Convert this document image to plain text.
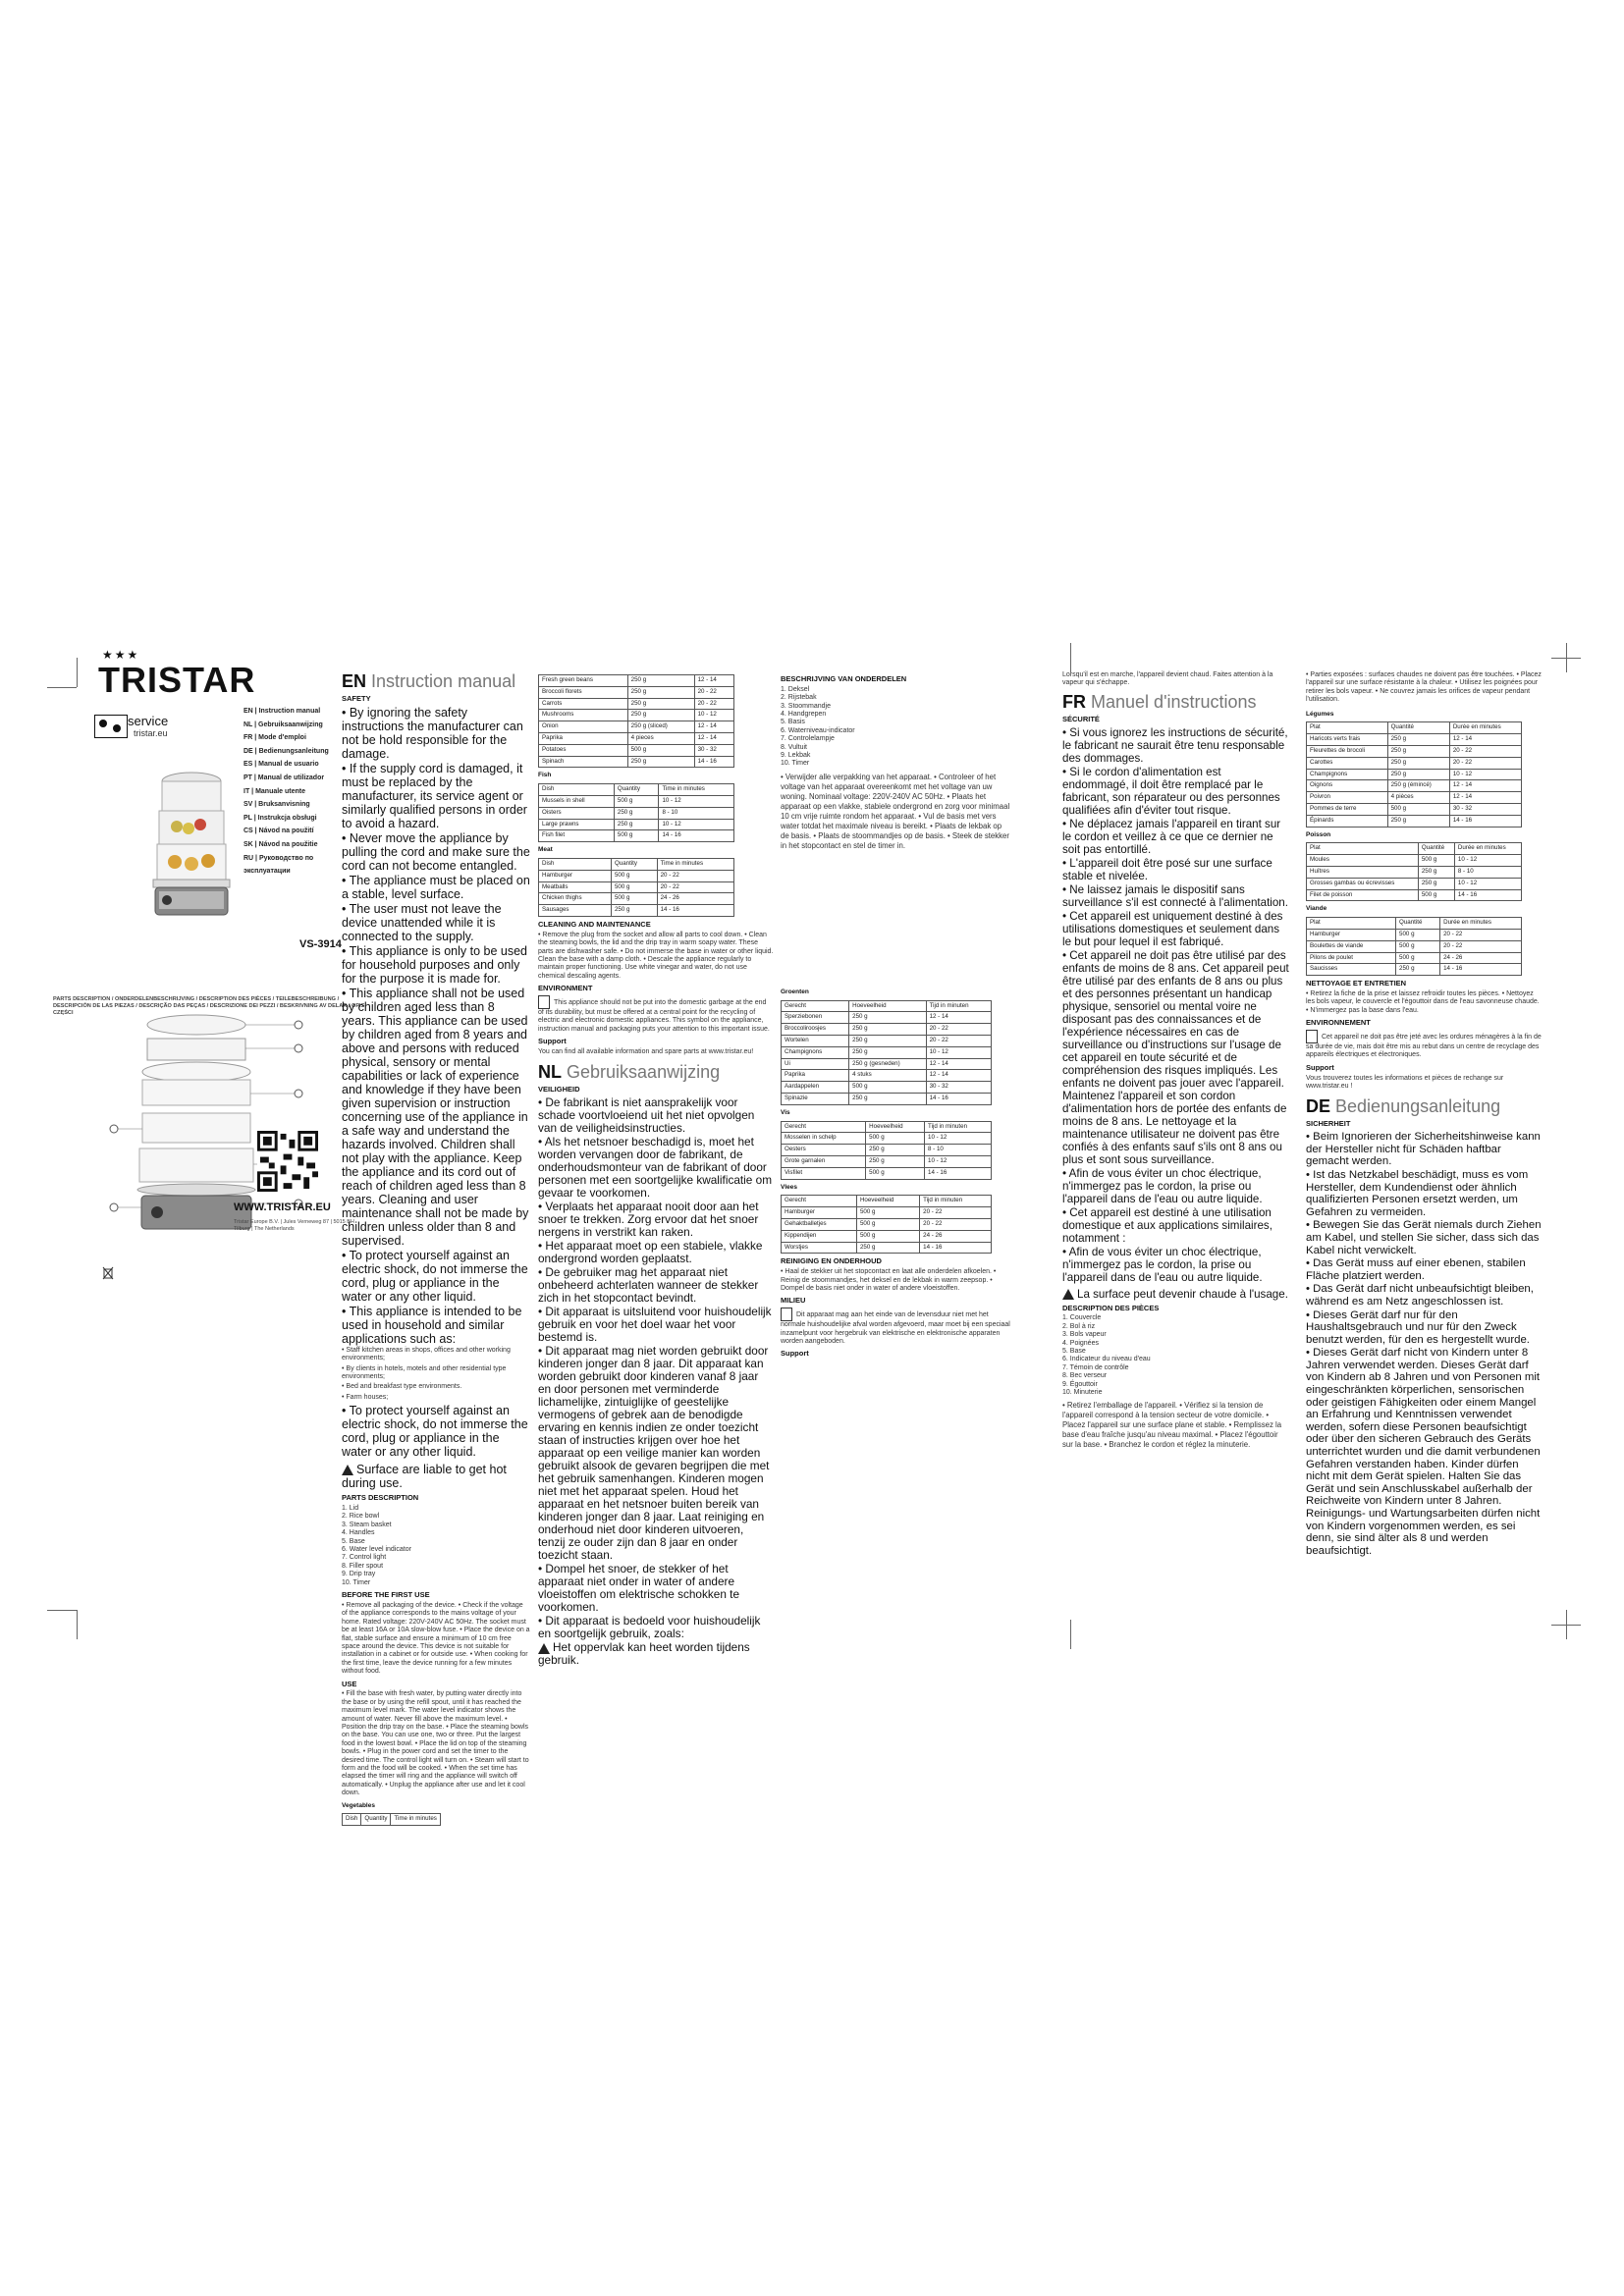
★★★
TRISTAR
service
tristar.eu
EN | Instruction manual
NL | Gebruiksaanwijzing
FR | Mode d'emploi
DE | Bedienungsanleitung
ES | Manual de usuario
PT | Manual de utilizador
IT | Manuale utente
SV | Bruksanvisning
PL | Instrukcja obsługi
CS | Návod na použití
SK | Návod na použitie
RU | Руководство по эксплуатации
VS-3914
PARTS DESCRIPTION / ONDERDELENBESCHRIJVING / DESCRIPTION DES PIÈCES / TEILEBESCHREIBUNG / DESCRIPCIÓN DE LAS PIEZAS / DESCRIÇÃO DAS PEÇAS / DESCRIZIONE DEI PEZZI / BESKRIVNING AV DELAR / OPIS CZĘŚCI
WWW.TRISTAR.EU
Tristar Europe B.V. | Jules Verneweg 87 | 5015 BH Tilburg | The Netherlands
EN Instruction manual
SAFETY

• By ignoring the safety instructions the manufacturer can not be hold responsible for the damage.

• If the supply cord is damaged, it must be replaced by the manufacturer, its service agent or similarly qualified persons in order to avoid a hazard.

• Never move the appliance by pulling the cord and make sure the cord can not become entangled.

• The appliance must be placed on a stable, level surface.

• The user must not leave the device unattended while it is connected to the supply.

• This appliance is only to be used for household purposes and only for the purpose it is made for.

• This appliance shall not be used by children aged less than 8 years. This appliance can be used by children aged from 8 years and above and persons with reduced physical, sensory or mental capabilities or lack of experience and knowledge if they have been given supervision or instruction concerning use of the appliance in a safe way and understand the hazards involved. Children shall not play with the appliance. Keep the appliance and its cord out of reach of children aged less than 8 years. Cleaning and user maintenance shall not be made by children unless older than 8 and supervised.

• To protect yourself against an electric shock, do not immerse the cord, plug or appliance in the water or any other liquid.

• This appliance is intended to be used in household and similar applications such as:

• Staff kitchen areas in shops, offices and other working environments;

• By clients in hotels, motels and other residential type environments;

• Bed and breakfast type environments.

• Farm houses;

• To protect yourself against an electric shock, do not immerse the cord, plug or appliance in the water or any other liquid.
Surface are liable to get hot during use.
PARTS DESCRIPTION
1. Lid
2. Rice bowl
3. Steam basket
4. Handles
5. Base
6. Water level indicator
7. Control light
8. Filler spout
9. Drip tray
10. Timer
BEFORE THE FIRST USE
• Remove all packaging of the device. • Check if the voltage of the appliance corresponds to the mains voltage of your home. Rated voltage: 220V-240V AC 50Hz. The socket must be at least 16A or 10A slow-blow fuse. • Place the device on a flat, stable surface and ensure a minimum of 10 cm free space around the device. This device is not suitable for installation in a cabinet or for outside use. • When cooking for the first time, leave the device running for a few minutes without food.
USE
• Fill the base with fresh water, by putting water directly into the base or by using the refill spout, until it has reached the maximum level mark. The water level indicator shows the amount of water. Never fill above the maximum level. • Position the drip tray on the base. • Place the steaming bowls on the base. You can use one, two or three. Put the largest food in the lowest bowl. • Place the lid on top of the steaming bowls. • Plug in the power cord and set the timer to the desired time. The control light will turn on. • Steam will start to form and the food will be cooked. • When the set time has elapsed the timer will ring and the appliance will switch off automatically. • Unplug the appliance after use and let it cool down.
Vegetables
Dish	Quantity	Time in minutes
Fresh green beans	250 g	12 - 14
Broccoli florets	250 g	20 - 22
Carrots	250 g	20 - 22
Mushrooms	250 g	10 - 12
Onion	250 g (sliced)	12 - 14
Paprika	4 pieces	12 - 14
Potatoes	500 g	30 - 32
Spinach	250 g	14 - 16
Fish
Dish	Quantity	Time in minutes
Mussels in shell	500 g	10 - 12
Oisters	250 g	8 - 10
Large prawns	250 g	10 - 12
Fish filet	500 g	14 - 16
Meat
Dish	Quantity	Time in minutes
Hamburger	500 g	20 - 22
Meatballs	500 g	20 - 22
Chicken thighs	500 g	24 - 26
Sausages	250 g	14 - 16
CLEANING AND MAINTENANCE
• Remove the plug from the socket and allow all parts to cool down. • Clean the steaming bowls, the lid and the drip tray in warm soapy water. These parts are dishwasher safe. • Do not immerse the base in water or other liquid. Clean the base with a damp cloth. • Descale the appliance regularly to maintain proper functioning. Use white vinegar and water, do not use chemical descaling agents.
ENVIRONMENT
This appliance should not be put into the domestic garbage at the end of its durability, but must be offered at a central point for the recycling of electric and electronic domestic appliances. This symbol on the appliance, instruction manual and packaging puts your attention to this important issue.
Support
You can find all available information and spare parts at www.tristar.eu!
NL Gebruiksaanwijzing
VEILIGHEID

• De fabrikant is niet aansprakelijk voor schade voortvloeiend uit het niet opvolgen van de veiligheidsinstructies.

• Als het netsnoer beschadigd is, moet het worden vervangen door de fabrikant, de onderhoudsmonteur van de fabrikant of door personen met een soortgelijke kwalificatie om gevaar te voorkomen.

• Verplaats het apparaat nooit door aan het snoer te trekken. Zorg ervoor dat het snoer nergens in verstrikt kan raken.

• Het apparaat moet op een stabiele, vlakke ondergrond worden geplaatst.

• De gebruiker mag het apparaat niet onbeheerd achterlaten wanneer de stekker zich in het stopcontact bevindt.

• Dit apparaat is uitsluitend voor huishoudelijk gebruik en voor het doel waar het voor bestemd is.

• Dit apparaat mag niet worden gebruikt door kinderen jonger dan 8 jaar. Dit apparaat kan worden gebruikt door kinderen vanaf 8 jaar en door personen met verminderde lichamelijke, zintuiglijke of geestelijke vermogens of gebrek aan de benodigde ervaring en kennis indien ze onder toezicht staan of instructies krijgen over hoe het apparaat op een veilige manier kan worden gebruikt alsook de gevaren begrijpen die met het gebruik samenhangen. Kinderen mogen niet met het apparaat spelen. Houd het apparaat en het netsnoer buiten bereik van kinderen jonger dan 8 jaar. Laat reiniging en onderhoud niet door kinderen uitvoeren, tenzij ze ouder zijn dan 8 jaar en onder toezicht staan.

• Dompel het snoer, de stekker of het apparaat niet onder in water of andere vloeistoffen om elektrische schokken te voorkomen.

• Dit apparaat is bedoeld voor huishoudelijk en soortgelijk gebruik, zoals:

Het oppervlak kan heet worden tijdens gebruik.
BESCHRIJVING VAN ONDERDELEN
1. Deksel
2. Rijstebak
3. Stoommandje
4. Handgrepen
5. Basis
6. Waterniveau-indicator
7. Controlelampje
8. Vultuit
9. Lekbak
10. Timer
• Verwijder alle verpakking van het apparaat. • Controleer of het voltage van het apparaat overeenkomt met het voltage van uw woning. Nominaal voltage: 220V-240V AC 50Hz. • Plaats het apparaat op een vlakke, stabiele ondergrond en zorg voor minimaal 10 cm vrije ruimte rondom het apparaat. • Vul de basis met vers water totdat het maximale niveau is bereikt. • Plaats de lekbak op de basis. • Plaats de stoommandjes op de basis. • Steek de stekker in het stopcontact en stel de timer in.
Groenten
Gerecht	Hoeveelheid	Tijd in minuten
Sperziebonen	250 g	12 - 14
Broccoliroosjes	250 g	20 - 22
Wortelen	250 g	20 - 22
Champignons	250 g	10 - 12
Ui	250 g (gesneden)	12 - 14
Paprika	4 stuks	12 - 14
Aardappelen	500 g	30 - 32
Spinazie	250 g	14 - 16
Vis
Gerecht	Hoeveelheid	Tijd in minuten
Mosselen in schelp	500 g	10 - 12
Oesters	250 g	8 - 10
Grote garnalen	250 g	10 - 12
Visfilet	500 g	14 - 16
Vlees
Gerecht	Hoeveelheid	Tijd in minuten
Hamburger	500 g	20 - 22
Gehaktballetjes	500 g	20 - 22
Kippendijen	500 g	24 - 26
Worstjes	250 g	14 - 16
REINIGING EN ONDERHOUD
• Haal de stekker uit het stopcontact en laat alle onderdelen afkoelen. • Reinig de stoommandjes, het deksel en de lekbak in warm zeepsop. • Dompel de basis niet onder in water of andere vloeistoffen.
MILIEU
Dit apparaat mag aan het einde van de levensduur niet met het normale huishoudelijke afval worden afgevoerd, maar moet bij een speciaal inzamelpunt voor hergebruik van elektrische en elektronische apparaten worden aangeboden.
Support
Lorsqu'il est en marche, l'appareil devient chaud. Faites attention à la vapeur qui s'échappe.
FR Manuel d'instructions
SÉCURITÉ

• Si vous ignorez les instructions de sécurité, le fabricant ne saurait être tenu responsable des dommages.

• Si le cordon d'alimentation est endommagé, il doit être remplacé par le fabricant, son réparateur ou des personnes qualifiées afin d'éviter tout risque.

• Ne déplacez jamais l'appareil en tirant sur le cordon et veillez à ce que ce dernier ne soit pas entortillé.

• L'appareil doit être posé sur une surface stable et nivelée.

• Ne laissez jamais le dispositif sans surveillance s'il est connecté à l'alimentation.

• Cet appareil est uniquement destiné à des utilisations domestiques et seulement dans le but pour lequel il est fabriqué.

• Cet appareil ne doit pas être utilisé par des enfants de moins de 8 ans. Cet appareil peut être utilisé par des enfants de 8 ans ou plus et des personnes présentant un handicap physique, sensoriel ou mental voire ne disposant pas des connaissances et de l'expérience nécessaires en cas de surveillance ou d'instructions sur l'usage de cet appareil en toute sécurité et de compréhension des risques impliqués. Les enfants ne doivent pas jouer avec l'appareil. Maintenez l'appareil et son cordon d'alimentation hors de portée des enfants de moins de 8 ans. Le nettoyage et la maintenance utilisateur ne doivent pas être confiés à des enfants sauf s'ils ont 8 ans ou plus et sont sous surveillance.

• Afin de vous éviter un choc électrique, n'immergez pas le cordon, la prise ou l'appareil dans de l'eau ou autre liquide.

• Cet appareil est destiné à une utilisation domestique et aux applications similaires, notamment :

• Afin de vous éviter un choc électrique, n'immergez pas le cordon, la prise ou l'appareil dans de l'eau ou autre liquide.
La surface peut devenir chaude à l'usage.
DESCRIPTION DES PIÈCES
1. Couvercle
2. Bol à riz
3. Bols vapeur
4. Poignées
5. Base
6. Indicateur du niveau d'eau
7. Témoin de contrôle
8. Bec verseur
9. Égouttoir
10. Minuterie
• Retirez l'emballage de l'appareil. • Vérifiez si la tension de l'appareil correspond à la tension secteur de votre domicile. • Placez l'appareil sur une surface plane et stable. • Remplissez la base d'eau fraîche jusqu'au niveau maximal. • Placez l'égouttoir sur la base. • Branchez le cordon et réglez la minuterie.
• Parties exposées : surfaces chaudes ne doivent pas être touchées. • Placez l'appareil sur une surface résistante à la chaleur. • Utilisez les poignées pour retirer les bols vapeur. • Ne couvrez jamais les orifices de vapeur pendant l'utilisation.
Légumes
Plat	Quantité	Durée en minutes
Haricots verts frais	250 g	12 - 14
Fleurettes de brocoli	250 g	20 - 22
Carottes	250 g	20 - 22
Champignons	250 g	10 - 12
Oignons	250 g (émincé)	12 - 14
Poivron	4 pièces	12 - 14
Pommes de terre	500 g	30 - 32
Épinards	250 g	14 - 16
Poisson
Plat	Quantité	Durée en minutes
Moules	500 g	10 - 12
Huîtres	250 g	8 - 10
Grosses gambas ou écrevisses	250 g	10 - 12
Filet de poisson	500 g	14 - 16
Viande
Plat	Quantité	Durée en minutes
Hamburger	500 g	20 - 22
Boulettes de viande	500 g	20 - 22
Pilons de poulet	500 g	24 - 26
Saucisses	250 g	14 - 16
NETTOYAGE ET ENTRETIEN
• Retirez la fiche de la prise et laissez refroidir toutes les pièces. • Nettoyez les bols vapeur, le couvercle et l'égouttoir dans de l'eau savonneuse chaude. • N'immergez pas la base dans l'eau.
ENVIRONNEMENT
Cet appareil ne doit pas être jeté avec les ordures ménagères à la fin de sa durée de vie, mais doit être mis au rebut dans un centre de recyclage des appareils électriques et électroniques.
Support
Vous trouverez toutes les informations et pièces de rechange sur www.tristar.eu !
DE Bedienungsanleitung
SICHERHEIT

• Beim Ignorieren der Sicherheitshinweise kann der Hersteller nicht für Schäden haftbar gemacht werden.

• Ist das Netzkabel beschädigt, muss es vom Hersteller, dem Kundendienst oder ähnlich qualifizierten Personen ersetzt werden, um Gefahren zu vermeiden.

• Bewegen Sie das Gerät niemals durch Ziehen am Kabel, und stellen Sie sicher, dass sich das Kabel nicht verwickelt.

• Das Gerät muss auf einer ebenen, stabilen Fläche platziert werden.

• Das Gerät darf nicht unbeaufsichtigt bleiben, während es am Netz angeschlossen ist.

• Dieses Gerät darf nur für den Haushaltsgebrauch und nur für den Zweck benutzt werden, für den es hergestellt wurde.

• Dieses Gerät darf nicht von Kindern unter 8 Jahren verwendet werden. Dieses Gerät darf von Kindern ab 8 Jahren und von Personen mit eingeschränkten körperlichen, sensorischen oder geistigen Fähigkeiten oder einem Mangel an Erfahrung und Kenntnissen verwendet werden, sofern diese Personen beaufsichtigt oder über den sicheren Gebrauch des Geräts unterrichtet wurden und die damit verbundenen Gefahren verstanden haben. Kinder dürfen nicht mit dem Gerät spielen. Halten Sie das Gerät und sein Anschlusskabel außerhalb der Reichweite von Kindern unter 8 Jahren. Reinigungs- und Wartungsarbeiten dürfen nicht von Kindern vorgenommen werden, es sei denn, sie sind älter als 8 und werden beaufsichtigt.
